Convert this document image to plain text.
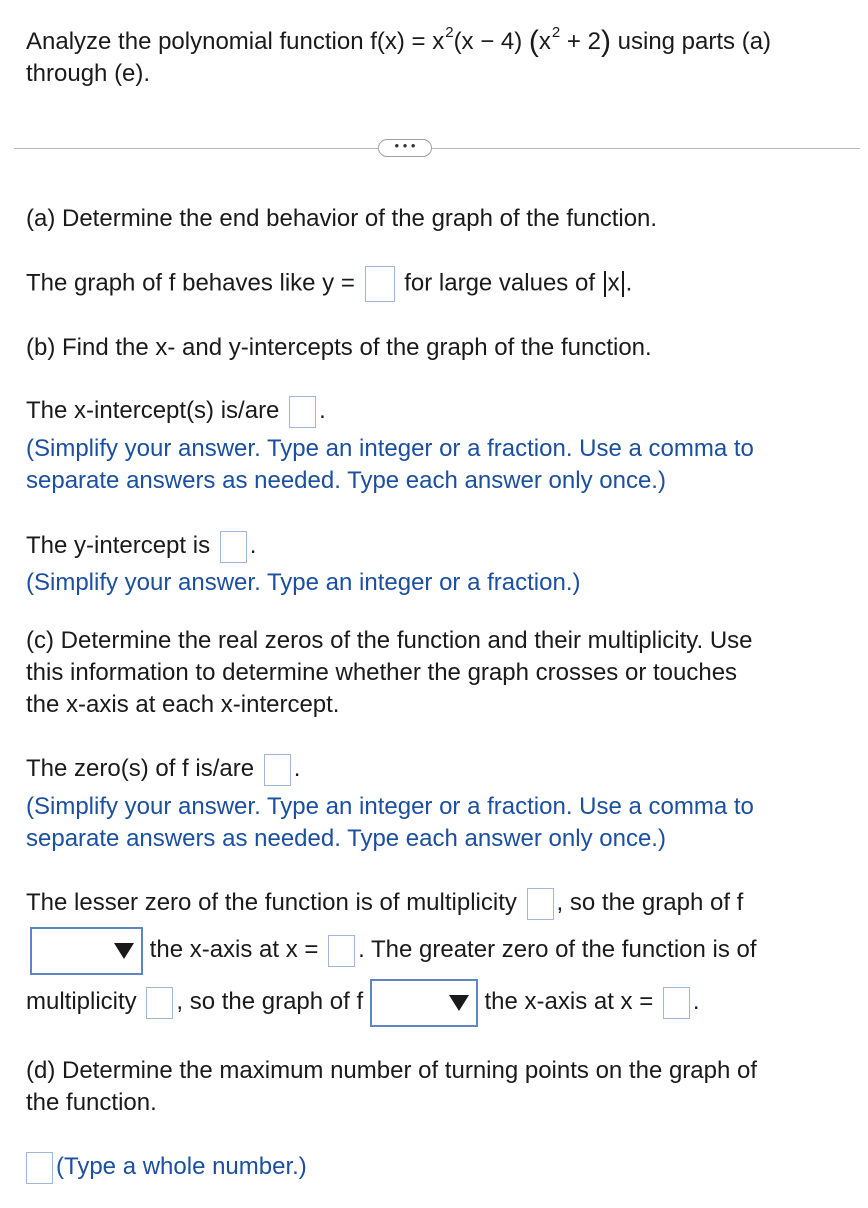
Analyze the polynomial function $f(x) = x^2(x - 4) (x^2 + 2)$ using parts (a)
through (e).
• • •
(a) Determine the end behavior of the graph of the function.
The graph of f behaves like y = for large values of x .
(b) Find the x- and y-intercepts of the graph of the function.
The x-intercept(s) is/are .
(Simplify your answer. Type an integer or a fraction. Use a comma to
separate answers as needed. Type each answer only once.)
The y-intercept is .
(Simplify your answer. Type an integer or a fraction.)
(c) Determine the real zeros of the function and their multiplicity. Use
this information to determine whether the graph crosses or touches
the x-axis at each x-intercept.
The zero(s) of f is/are .
(Simplify your answer. Type an integer or a fraction. Use a comma to
separate answers as needed. Type each answer only once.)
The lesser zero of the function is of multiplicity , so the graph of f
the x-axis at x = . The greater zero of the function is of
multiplicity , so the graph of f	the x-axis at x = .
(d) Determine the maximum number of turning points on the graph of
the function.
(Type a whole number.)
